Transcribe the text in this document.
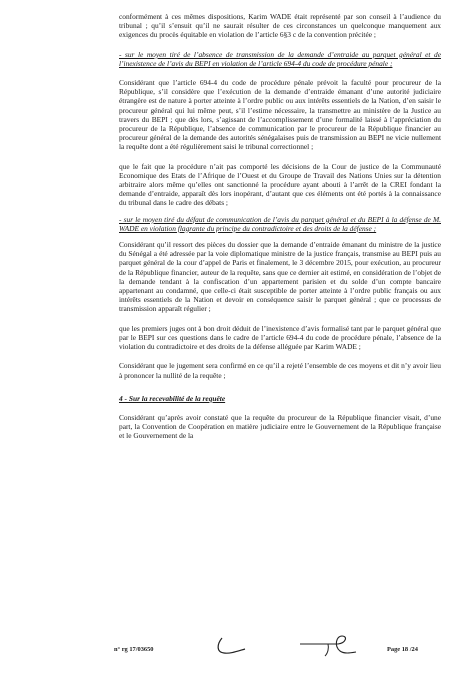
conformément à ces mêmes dispositions, Karim WADE était représenté par son conseil à l’audience du tribunal ; qu’il s’ensuit qu’il ne saurait résulter de ces circonstances un quelconque manquement aux exigences du procès équitable en violation de l’article 6§3 c de la convention précitée ;

- sur le moyen tiré de l’absence de transmission de la demande d’entraide au parquet général et de l’inexistence de l’avis du BEPI en violation de l’article 694-4 du code de procédure pénale ;

Considérant que l’article 694-4 du code de procédure pénale prévoit la faculté pour procureur de la République, s’il considère que l’exécution de la demande d’entraide émanant d’une autorité judiciaire étrangère est de nature à porter atteinte à l’ordre public ou aux intérêts essentiels de la Nation, d’en saisir le procureur général qui lui même peut, s’il l’estime nécessaire, la transmettre au ministère de la Justice au travers du BEPI ; que dès lors, s’agissant de l’accomplissement d’une formalité laissé à l’appréciation du procureur de la République, l’absence de communication par le procureur de la République financier au procureur général de la demande des autorités sénégalaises puis de transmission au BEPI ne vicie nullement la requête dont a été régulièrement saisi le tribunal correctionnel ;

que le fait que la procédure n’ait pas comporté les décisions de la Cour de justice de la Communauté Economique des Etats de l’Afrique de l’Ouest et du Groupe de Travail des Nations Unies sur la détention arbitraire alors même qu’elles ont sanctionné la procédure ayant abouti à l’arrêt de la CREI fondant la demande d’entraide, apparaît dès lors inopérant, d’autant que ces éléments ont été portés à la connaissance du tribunal dans le cadre des débats ;

- sur le moyen tiré du défaut de communication de l’avis du parquet général et du BEPI à la défense de M. WADE en violation flagrante du principe du contradictoire et des droits de la défense ;

Considérant qu’il ressort des pièces du dossier que la demande d’entraide émanant du ministre de la justice du Sénégal a été adressée par la voie diplomatique ministre de la justice français, transmise au BEPI puis au parquet général de la cour d’appel de Paris et finalement, le 3 décembre 2015, pour exécution, au procureur de la République financier, auteur de la requête, sans que ce dernier ait estimé, en considération de l’objet de la demande tendant à la confiscation d’un appartement parisien et du solde d’un compte bancaire appartenant au condamné, que celle-ci était susceptible de porter atteinte à l’ordre public français ou aux intérêts essentiels de la Nation et devoir en conséquence saisir le parquet général ; que ce processus de transmission apparaît régulier ;

que les premiers juges ont à bon droit déduit de l’inexistence d’avis formalisé tant par le parquet général que par le BEPI sur ces questions dans le cadre de l’article 694-4 du code de procédure pénale, l’absence de la violation du contradictoire et des droits de la défense alléguée par Karim WADE ;

Considérant que le jugement sera confirmé en ce qu’il a rejeté l’ensemble de ces moyens et dit n’y avoir lieu à prononcer la nullité de la requête ;

4 - Sur la recevabilité de la requête

Considérant qu’après avoir constaté que la requête du procureur de la République financier visait, d’une part, la Convention de Coopération en matière judiciaire entre le Gouvernement de la République française et le Gouvernement de la

n° rg 17/03650	Page 18 /24
